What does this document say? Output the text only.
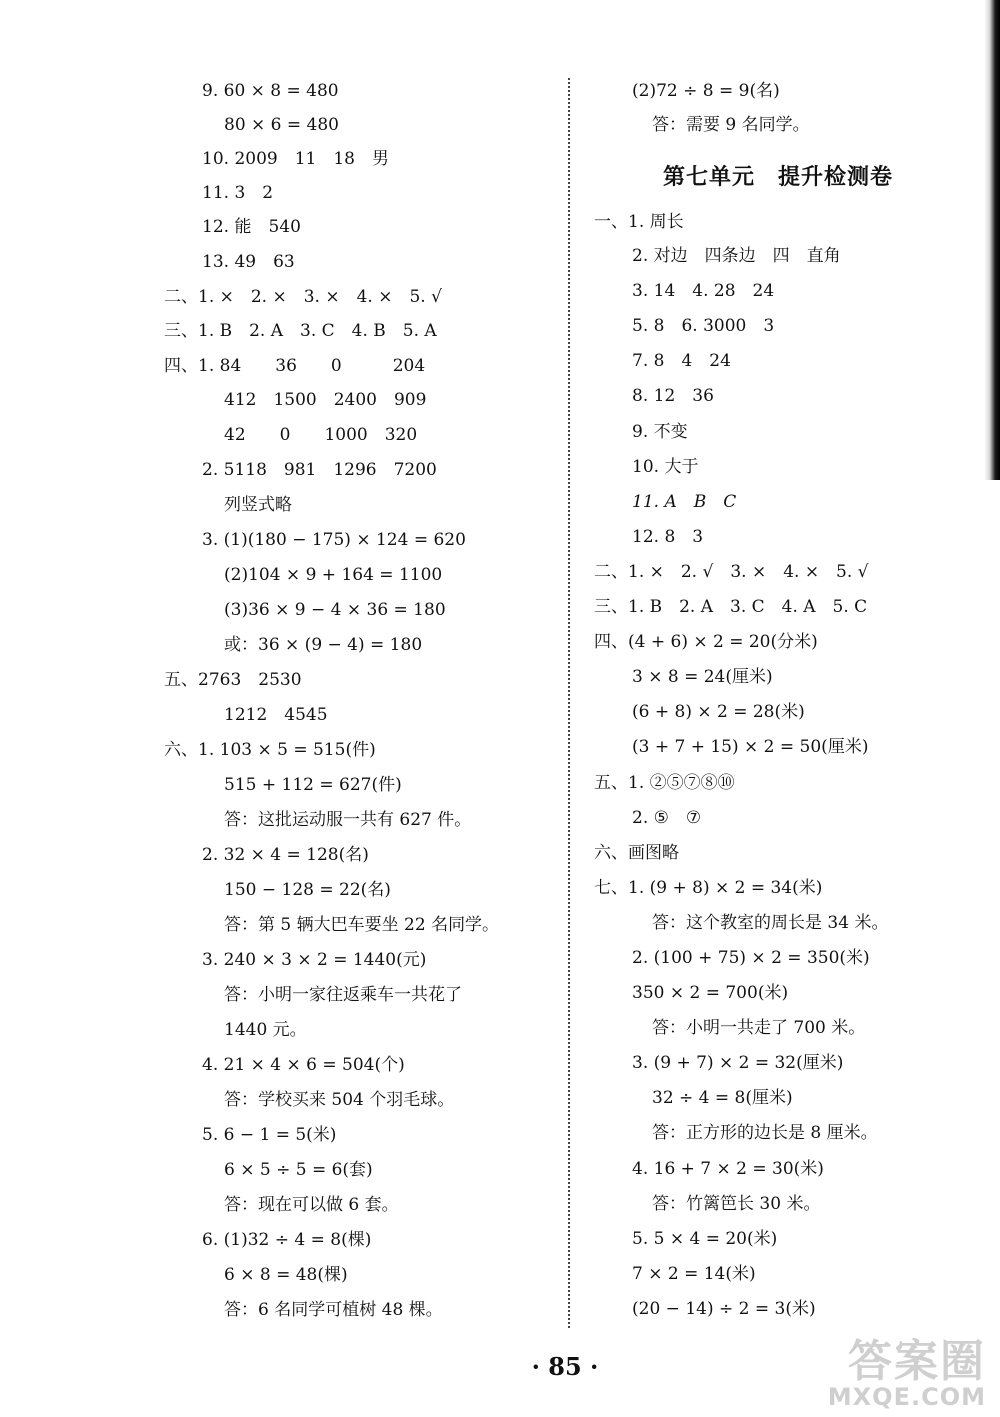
9. 60 × 8 = 480
80 × 6 = 480
10. 2009　11　18　男
11. 3　2
12. 能　540
13. 49　63
二、1. ×　2. ×　3. ×　4. ×　5. √
三、1. B　2. A　3. C　4. B　5. A
四、1. 84　　36　　0　　　204
412　1500　2400　909
42　　0　　1000　320
2. 5118　981　1296　7200
列竖式略
3. (1)(180 − 175) × 124 = 620
(2)104 × 9 + 164 = 1100
(3)36 × 9 − 4 × 36 = 180
或：36 × (9 − 4) = 180
五、2763　2530
1212　4545
六、1. 103 × 5 = 515(件)
515 + 112 = 627(件)
答：这批运动服一共有 627 件。
2. 32 × 4 = 128(名)
150 − 128 = 22(名)
答：第 5 辆大巴车要坐 22 名同学。
3. 240 × 3 × 2 = 1440(元)
答：小明一家往返乘车一共花了
1440 元。
4. 21 × 4 × 6 = 504(个)
答：学校买来 504 个羽毛球。
5. 6 − 1 = 5(米)
6 × 5 ÷ 5 = 6(套)
答：现在可以做 6 套。
6. (1)32 ÷ 4 = 8(棵)
6 × 8 = 48(棵)
答：6 名同学可植树 48 棵。
(2)72 ÷ 8 = 9(名)
答：需要 9 名同学。
第七单元　提升检测卷
一、1. 周长
2. 对边　四条边　四　直角
3. 14　4. 28　24
5. 8　6. 3000　3
7. 8　4　24
8. 12　36
9. 不变
10. 大于
11. A　B　C
12. 8　3
二、1. ×　2. √　3. ×　4. ×　5. √
三、1. B　2. A　3. C　4. A　5. C
四、(4 + 6) × 2 = 20(分米)
3 × 8 = 24(厘米)
(6 + 8) × 2 = 28(米)
(3 + 7 + 15) × 2 = 50(厘米)
五、1. ②⑤⑦⑧⑩
2. ⑤　⑦
六、画图略
七、1. (9 + 8) × 2 = 34(米)
答：这个教室的周长是 34 米。
2. (100 + 75) × 2 = 350(米)
350 × 2 = 700(米)
答：小明一共走了 700 米。
3. (9 + 7) × 2 = 32(厘米)
32 ÷ 4 = 8(厘米)
答：正方形的边长是 8 厘米。
4. 16 + 7 × 2 = 30(米)
答：竹篱笆长 30 米。
5. 5 × 4 = 20(米)
7 × 2 = 14(米)
(20 − 14) ÷ 2 = 3(米)
· 85 ·	答案圈
MXQE.COM
